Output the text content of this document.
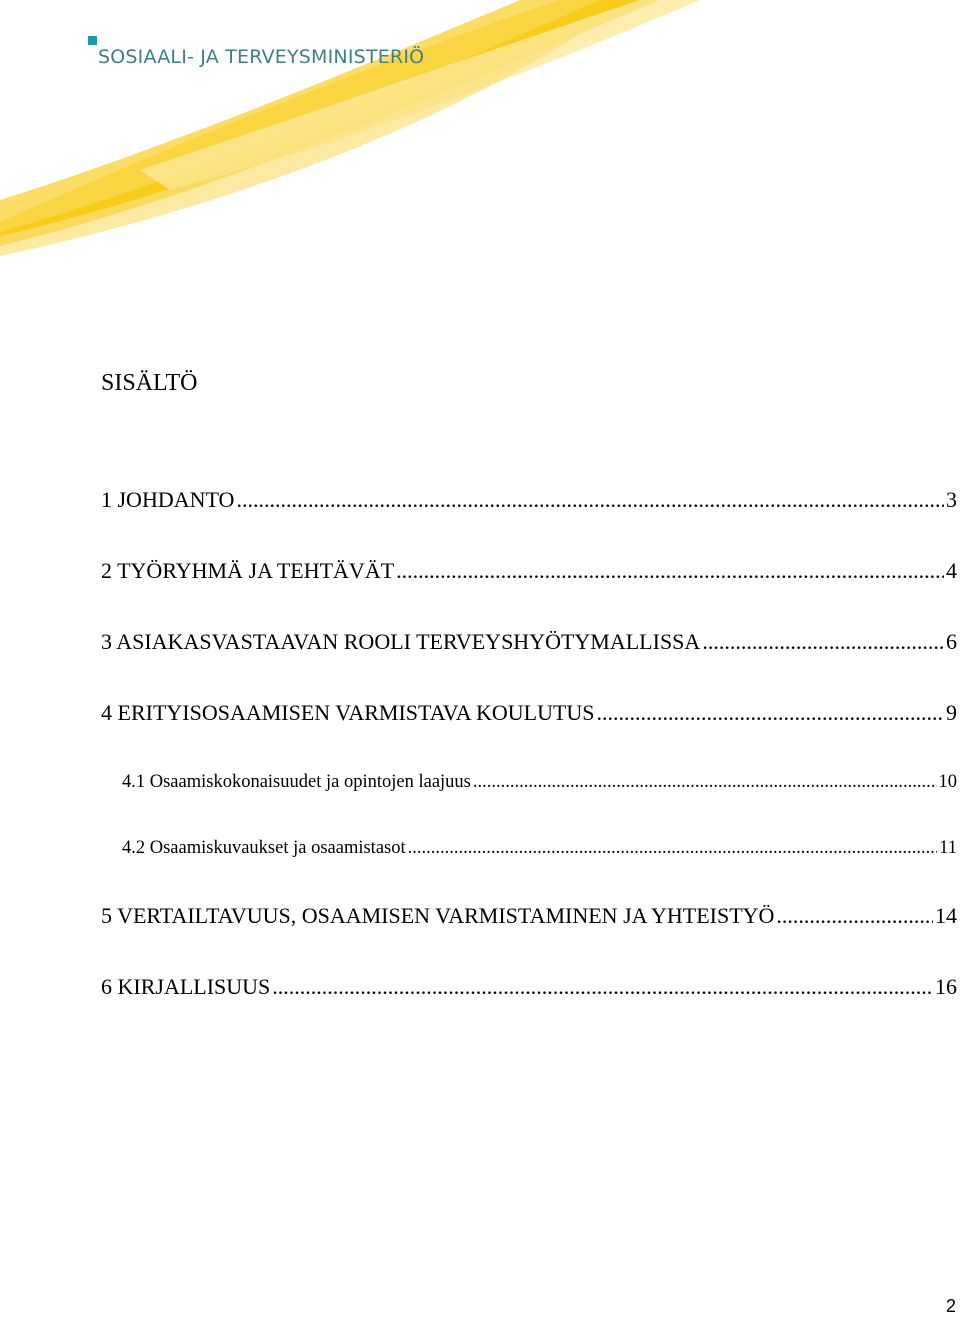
SOSIAALI- JA TERVEYSMINISTERIÖ
SISÄLTÖ
1 JOHDANTO .....	3
2 TYÖRYHMÄ JA TEHTÄVÄT .....	4
3 ASIAKASVASTAAVAN ROOLI TERVEYSHYÖTYMALLISSA .....	6
4 ERITYISOSAAMISEN VARMISTAVA KOULUTUS .....	9
4.1 Osaamiskokonaisuudet ja opintojen laajuus .....	10
4.2 Osaamiskuvaukset ja osaamistasot .....	11
5 VERTAILTAVUUS, OSAAMISEN VARMISTAMINEN JA YHTEISTYÖ .....	14
6 KIRJALLISUUS .....	16
2
